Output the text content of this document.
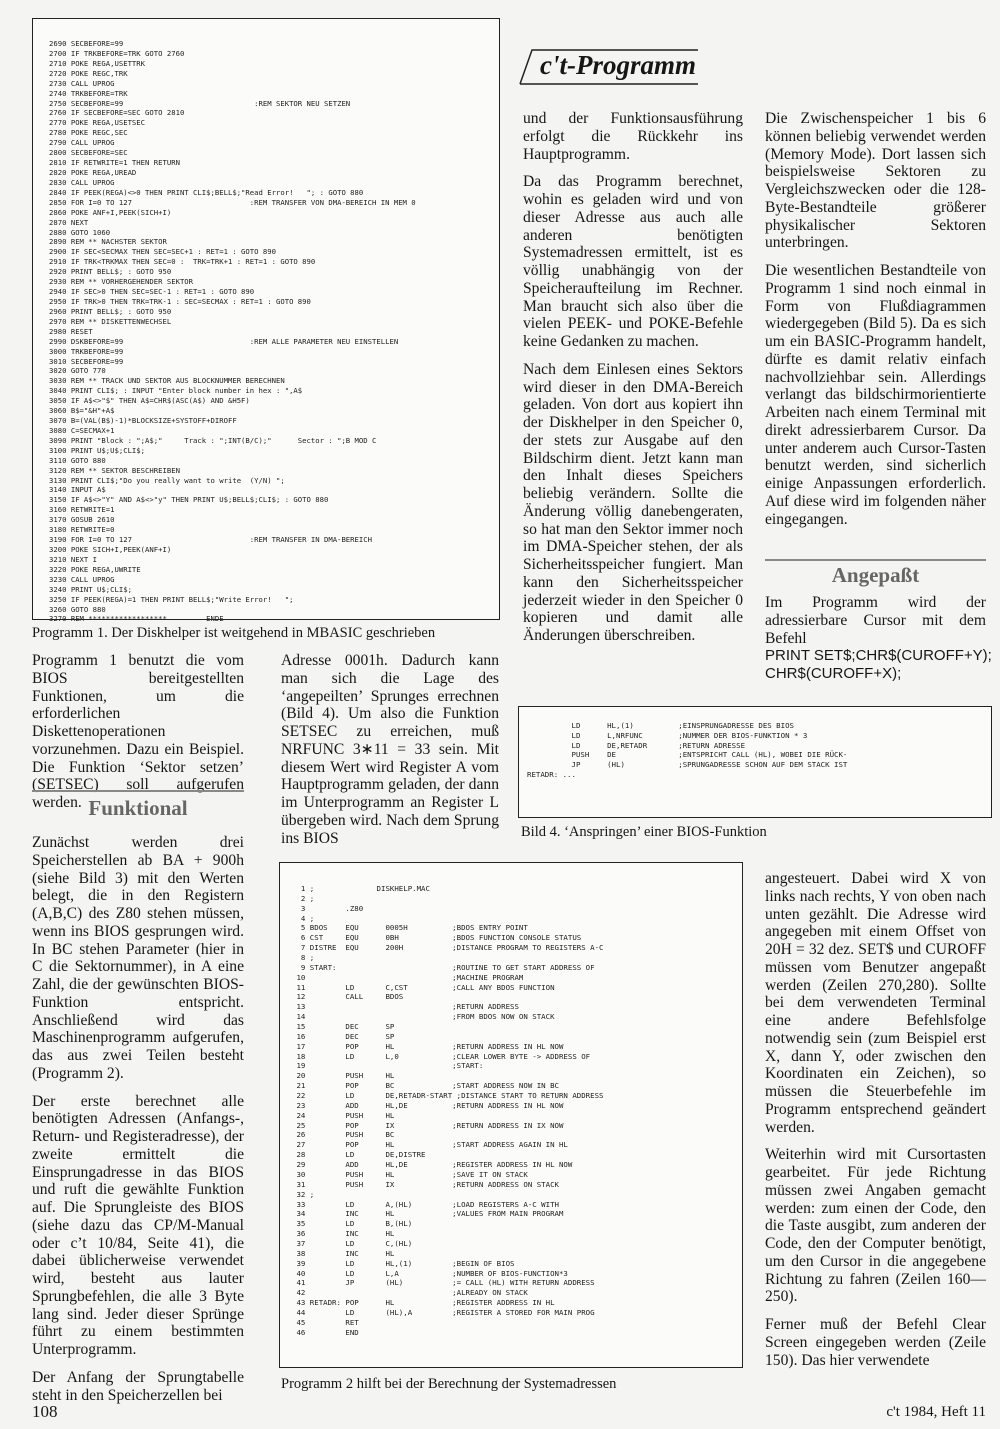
2690 SECBEFORE=99
2700 IF TRKBEFORE=TRK GOTO 2760
2710 POKE REGA,USETTRK
2720 POKE REGC,TRK
2730 CALL UPROG
2740 TRKBEFORE=TRK
2750 SECBEFORE=99                              :REM SEKTOR NEU SETZEN
2760 IF SECBEFORE=SEC GOTO 2810
2770 POKE REGA,USETSEC
2780 POKE REGC,SEC
2790 CALL UPROG
2800 SECBEFORE=SEC
2810 IF RETWRITE=1 THEN RETURN
2820 POKE REGA,UREAD
2830 CALL UPROG
2840 IF PEEK(REGA)<>0 THEN PRINT CLI$;BELL$;"Read Error!   "; : GOTO 880
2850 FOR I=0 TO 127                           :REM TRANSFER VON DMA-BEREICH IN MEM 0
2860 POKE ANF+I,PEEK(SICH+I)
2870 NEXT
2880 GOTO 1060
2890 REM ** NACHSTER SEKTOR
2900 IF SEC<SECMAX THEN SEC=SEC+1 : RET=1 : GOTO 890
2910 IF TRK<TRKMAX THEN SEC=0 :  TRK=TRK+1 : RET=1 : GOTO 890
2920 PRINT BELL$; : GOTO 950
2930 REM ** VORHERGEHENDER SEKTOR
2940 IF SEC>0 THEN SEC=SEC-1 : RET=1 : GOTO 890
2950 IF TRK>0 THEN TRK=TRK-1 : SEC=SECMAX : RET=1 : GOTO 890
2960 PRINT BELL$; : GOTO 950
2970 REM ** DISKETTENWECHSEL
2980 RESET
2990 DSKBEFORE=99                             :REM ALLE PARAMETER NEU EINSTELLEN
3000 TRKBEFORE=99
3010 SECBEFORE=99
3020 GOTO 770
3030 REM ** TRACK UND SEKTOR AUS BLOCKNUMMER BERECHNEN
3040 PRINT CLI$; : INPUT "Enter block number in hex : ",A$
3050 IF A$<>"$" THEN A$=CHR$(ASC(A$) AND &H5F)
3060 B$="&H"+A$
3070 B=(VAL(B$)-1)*BLOCKSIZE+SYSTOFF+DIROFF
3080 C=SECMAX+1
3090 PRINT "Block : ";A$;"     Track : ";INT(B/C);"      Sector : ";B MOD C
3100 PRINT U$;U$;CLI$;
3110 GOTO 880
3120 REM ** SEKTOR BESCHREIBEN
3130 PRINT CLI$;"Do you really want to write  (Y/N) ";
3140 INPUT A$
3150 IF A$<>"Y" AND A$<>"y" THEN PRINT U$;BELL$;CLI$; : GOTO 880
3160 RETWRITE=1
3170 GOSUB 2610
3180 RETWRITE=0
3190 FOR I=0 TO 127                           :REM TRANSFER IN DMA-BEREICH
3200 POKE SICH+I,PEEK(ANF+I)
3210 NEXT I
3220 POKE REGA,UWRITE
3230 CALL UPROG
3240 PRINT U$;CLI$;
3250 IF PEEK(REGA)=1 THEN PRINT BELL$;"Write Error!   ";
3260 GOTO 880
3270 REM ******************         ENDE
Programm 1. Der Diskhelper ist weitgehend in MBASIC geschrieben
c't-Programm

und der Funktionsausführung erfolgt die Rückkehr ins Hauptprogramm.

Da das Programm berechnet, wohin es geladen wird und von dieser Adresse aus auch alle anderen benötigten Systemadressen ermittelt, ist es völlig unabhängig von der Speicheraufteilung im Rechner. Man braucht sich also über die vielen PEEK- und POKE-Befehle keine Gedanken zu machen.

Nach dem Einlesen eines Sektors wird dieser in den DMA-Bereich geladen. Von dort aus kopiert ihn der Diskhelper in den Speicher 0, der stets zur Ausgabe auf den Bildschirm dient. Jetzt kann man den Inhalt dieses Speichers beliebig verändern. Sollte die Änderung völlig danebengeraten, so hat man den Sektor immer noch im DMA-Speicher stehen, der als Sicherheitsspeicher fungiert. Man kann den Sicherheitsspeicher jederzeit wieder in den Speicher 0 kopieren und damit alle Änderungen überschreiben.

Die Zwischenspeicher 1 bis 6 können beliebig verwendet werden (Memory Mode). Dort lassen sich beispielsweise Sektoren zu Vergleichszwecken oder die 128-Byte-Bestandteile größerer physikalischer Sektoren unterbringen.

Die wesentlichen Bestandteile von Programm 1 sind noch einmal in Form von Flußdiagrammen wiedergegeben (Bild 5). Da es sich um ein BASIC-Programm handelt, dürfte es damit relativ einfach nachvollziehbar sein. Allerdings verlangt das bildschirmorientierte Arbeiten nach einem Terminal mit direkt adressierbarem Cursor. Da unter anderem auch Cursor-Tasten benutzt werden, sind sicherlich einige Anpassungen erforderlich. Auf diese wird im folgenden näher eingegangen.

Angepaßt

Im Programm wird der adressierbare Cursor mit dem Befehl

PRINT SET$;CHR$(CUROFF+Y);
CHR$(CUROFF+X);
LD      HL,(1)          ;EINSPRUNGADRESSE DES BIOS
LD      L,NRFUNC        ;NUMMER DER BIOS-FUNKTION * 3
LD      DE,RETADR       ;RETURN ADRESSE
PUSH    DE              ;ENTSPRICHT CALL (HL), WOBEI DIE RÜCK-
JP      (HL)            ;SPRUNGADRESSE SCHON AUF DEM STACK IST
RETADR: ...
Bild 4. ‘Anspringen’ einer BIOS-Funktion

Programm 1 benutzt die vom BIOS bereitgestellten Funktionen, um die erforderlichen Diskettenoperationen vorzunehmen. Dazu ein Beispiel. Die Funktion ‘Sektor setzen’ (SETSEC) soll aufgerufen werden. Funktional

Zunächst werden drei Speicherstellen ab BA + 900h (siehe Bild 3) mit den Werten belegt, die in den Registern (A,B,C) des Z80 stehen müssen, wenn ins BIOS gesprungen wird. In BC stehen Parameter (hier in C die Sektornummer), in A eine Zahl, die der gewünschten BIOS-Funktion entspricht. Anschließend wird das Maschinenprogramm aufgerufen, das aus zwei Teilen besteht (Programm 2).

Der erste berechnet alle benötigten Adressen (Anfangs-, Return- und Registeradresse), der zweite ermittelt die Einsprungadresse in das BIOS und ruft die gewählte Funktion auf. Die Sprungleiste des BIOS (siehe dazu das CP/M-Manual oder c’t 10/84, Seite 41), die dabei üblicherweise verwendet wird, besteht aus lauter Sprungbefehlen, die alle 3 Byte lang sind. Jeder dieser Sprünge führt zu einem bestimmten Unterprogramm.

Der Anfang der Sprungtabelle steht in den Speicherzellen bei

Adresse 0001h. Dadurch kann man sich die Lage des ‘angepeilten’ Sprunges errechnen (Bild 4). Um also die Funktion SETSEC zu erreichen, muß NRFUNC 3∗11 = 33 sein. Mit diesem Wert wird Register A vom Hauptprogramm geladen, der dann im Unterprogramm an Register L übergeben wird. Nach dem Sprung ins BIOS

1 ;              DISKHELP.MAC
2 ;
3         .Z80
4 ;
5 BDOS    EQU      0005H          ;BDOS ENTRY POINT
6 CST     EQU      0BH            ;BDOS FUNCTION CONSOLE STATUS
7 DISTRE  EQU      200H           ;DISTANCE PROGRAM TO REGISTERS A-C
8 ;
9 START:                          ;ROUTINE TO GET START ADDRESS OF
10                                 ;MACHINE PROGRAM
11         LD       C,CST          ;CALL ANY BDOS FUNCTION
12         CALL     BDOS
13                                 ;RETURN ADDRESS
14                                 ;FROM BDOS NOW ON STACK
15         DEC      SP
16         DEC      SP
17         POP      HL             ;RETURN ADDRESS IN HL NOW
18         LD       L,0            ;CLEAR LOWER BYTE -> ADDRESS OF
19                                 ;START:
20         PUSH     HL
21         POP      BC             ;START ADDRESS NOW IN BC
22         LD       DE,RETADR-START ;DISTANCE START TO RETURN ADDRESS
23         ADD      HL,DE          ;RETURN ADDRESS IN HL NOW
24         PUSH     HL
25         POP      IX             ;RETURN ADDRESS IN IX NOW
26         PUSH     BC
27         POP      HL             ;START ADDRESS AGAIN IN HL
28         LD       DE,DISTRE
29         ADD      HL,DE          ;REGISTER ADDRESS IN HL NOW
30         PUSH     HL             ;SAVE IT ON STACK
31         PUSH     IX             ;RETURN ADDRESS ON STACK
32 ;
33         LD       A,(HL)         ;LOAD REGISTERS A-C WITH
34         INC      HL             ;VALUES FROM MAIN PROGRAM
35         LD       B,(HL)
36         INC      HL
37         LD       C,(HL)
38         INC      HL
39         LD       HL,(1)         ;BEGIN OF BIOS
40         LD       L,A            ;NUMBER OF BIOS-FUNCTION*3
41         JP       (HL)           ;= CALL (HL) WITH RETURN ADDRESS
42                                 ;ALREADY ON STACK
43 RETADR: POP      HL             ;REGISTER ADDRESS IN HL
44         LD       (HL),A         ;REGISTER A STORED FOR MAIN PROG
45         RET
46         END
Programm 2 hilft bei der Berechnung der Systemadressen

angesteuert. Dabei wird X von links nach rechts, Y von oben nach unten gezählt. Die Adresse wird angegeben mit einem Offset von 20H = 32 dez. SET$ und CUROFF müssen vom Benutzer angepaßt werden (Zeilen 270,280). Sollte bei dem verwendeten Terminal eine andere Befehlsfolge notwendig sein (zum Beispiel erst X, dann Y, oder zwischen den Koordinaten ein Zeichen), so müssen die Steuerbefehle im Programm entsprechend geändert werden.

Weiterhin wird mit Cursortasten gearbeitet. Für jede Richtung müssen zwei Angaben gemacht werden: zum einen der Code, den die Taste ausgibt, zum anderen der Code, den der Computer benötigt, um den Cursor in die angegebene Richtung zu fahren (Zeilen 160—250).

Ferner muß der Befehl Clear Screen eingegeben werden (Zeile 150). Das hier verwendete

108	c't 1984, Heft 11
